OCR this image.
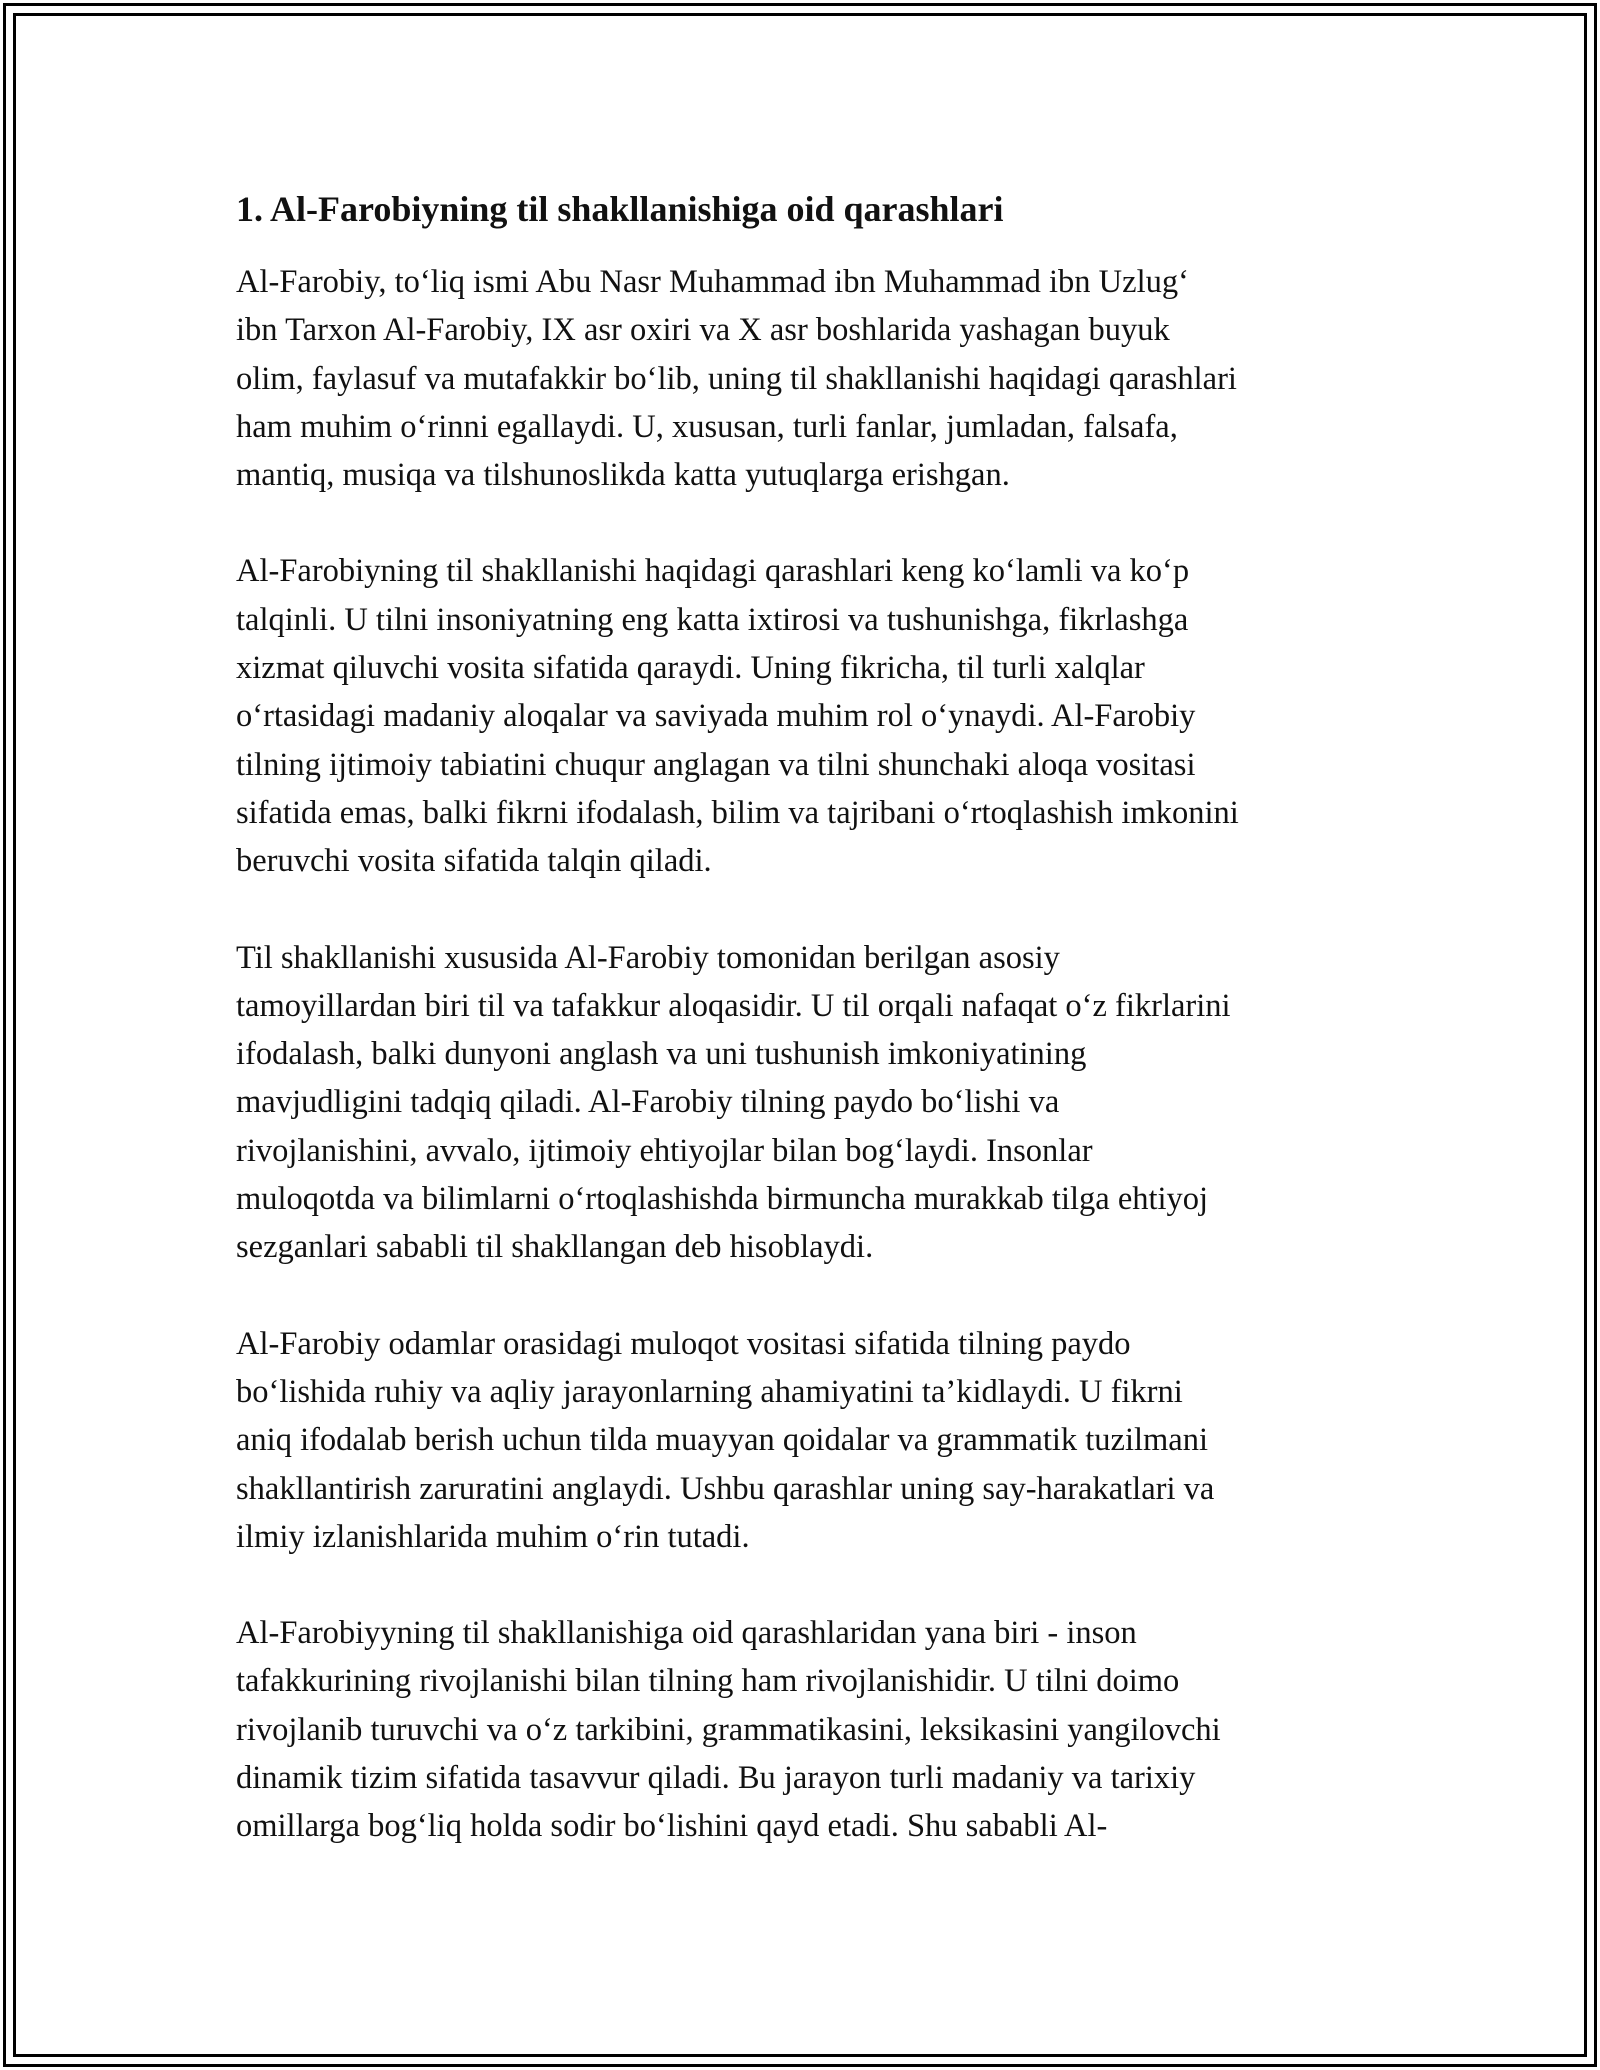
1. Al-Farobiyning til shakllanishiga oid qarashlari

Al-Farobiy, to‘liq ismi Abu Nasr Muhammad ibn Muhammad ibn Uzlug‘
ibn Tarxon Al-Farobiy, IX asr oxiri va X asr boshlarida yashagan buyuk
olim, faylasuf va mutafakkir bo‘lib, uning til shakllanishi haqidagi qarashlari
ham muhim o‘rinni egallaydi. U, xususan, turli fanlar, jumladan, falsafa,
mantiq, musiqa va tilshunoslikda katta yutuqlarga erishgan.

Al-Farobiyning til shakllanishi haqidagi qarashlari keng ko‘lamli va ko‘p
talqinli. U tilni insoniyatning eng katta ixtirosi va tushunishga, fikrlashga
xizmat qiluvchi vosita sifatida qaraydi. Uning fikricha, til turli xalqlar
o‘rtasidagi madaniy aloqalar va saviyada muhim rol o‘ynaydi. Al-Farobiy
tilning ijtimoiy tabiatini chuqur anglagan va tilni shunchaki aloqa vositasi
sifatida emas, balki fikrni ifodalash, bilim va tajribani o‘rtoqlashish imkonini
beruvchi vosita sifatida talqin qiladi.

Til shakllanishi xususida Al-Farobiy tomonidan berilgan asosiy
tamoyillardan biri til va tafakkur aloqasidir. U til orqali nafaqat o‘z fikrlarini
ifodalash, balki dunyoni anglash va uni tushunish imkoniyatining
mavjudligini tadqiq qiladi. Al-Farobiy tilning paydo bo‘lishi va
rivojlanishini, avvalo, ijtimoiy ehtiyojlar bilan bog‘laydi. Insonlar
muloqotda va bilimlarni o‘rtoqlashishda birmuncha murakkab tilga ehtiyoj
sezganlari sababli til shakllangan deb hisoblaydi.

Al-Farobiy odamlar orasidagi muloqot vositasi sifatida tilning paydo
bo‘lishida ruhiy va aqliy jarayonlarning ahamiyatini ta’kidlaydi. U fikrni
aniq ifodalab berish uchun tilda muayyan qoidalar va grammatik tuzilmani
shakllantirish zaruratini anglaydi. Ushbu qarashlar uning say-harakatlari va
ilmiy izlanishlarida muhim o‘rin tutadi.

Al-Farobiyyning til shakllanishiga oid qarashlaridan yana biri - inson
tafakkurining rivojlanishi bilan tilning ham rivojlanishidir. U tilni doimo
rivojlanib turuvchi va o‘z tarkibini, grammatikasini, leksikasini yangilovchi
dinamik tizim sifatida tasavvur qiladi. Bu jarayon turli madaniy va tarixiy
omillarga bog‘liq holda sodir bo‘lishini qayd etadi. Shu sababli Al-
